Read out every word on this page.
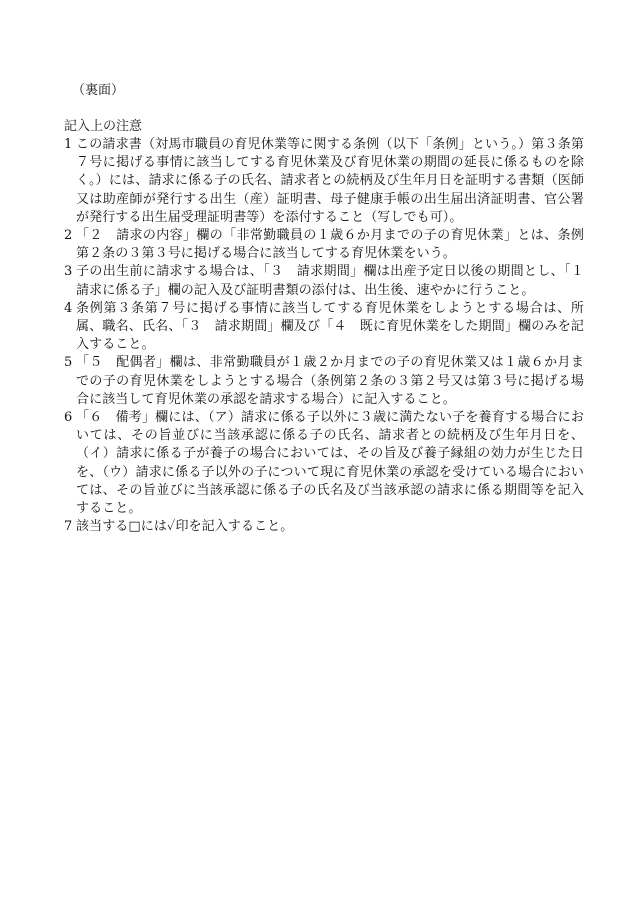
（裏面）
記入上の注意
1 この請求書（対馬市職員の育児休業等に関する条例（以下「条例」という。）第３条第７号に掲げる事情に該当してする育児休業及び育児休業の期間の延長に係るものを除く。）には、請求に係る子の氏名、請求者との続柄及び生年月日を証明する書類（医師又は助産師が発行する出生（産）証明書、母子健康手帳の出生届出済証明書、官公署が発行する出生届受理証明書等）を添付すること（写しでも可）。
2 「２　請求の内容」欄の「非常勤職員の１歳６か月までの子の育児休業」とは、条例第２条の３第３号に掲げる場合に該当してする育児休業をいう。
3 子の出生前に請求する場合は、「３　請求期間」欄は出産予定日以後の期間とし、「１　請求に係る子」欄の記入及び証明書類の添付は、出生後、速やかに行うこと。
4 条例第３条第７号に掲げる事情に該当してする育児休業をしようとする場合は、所属、職名、氏名、「３　請求期間」欄及び「４　既に育児休業をした期間」欄のみを記入すること。
5 「５　配偶者」欄は、非常勤職員が１歳２か月までの子の育児休業又は１歳６か月までの子の育児休業をしようとする場合（条例第２条の３第２号又は第３号に掲げる場合に該当して育児休業の承認を請求する場合）に記入すること。
6 「６　備考」欄には、（ア）請求に係る子以外に３歳に満たない子を養育する場合においては、その旨並びに当該承認に係る子の氏名、請求者との続柄及び生年月日を、（イ）請求に係る子が養子の場合においては、その旨及び養子縁組の効力が生じた日を、（ウ）請求に係る子以外の子について現に育児休業の承認を受けている場合においては、その旨並びに当該承認に係る子の氏名及び当該承認の請求に係る期間等を記入すること。
7 該当する□には✓印を記入すること。
